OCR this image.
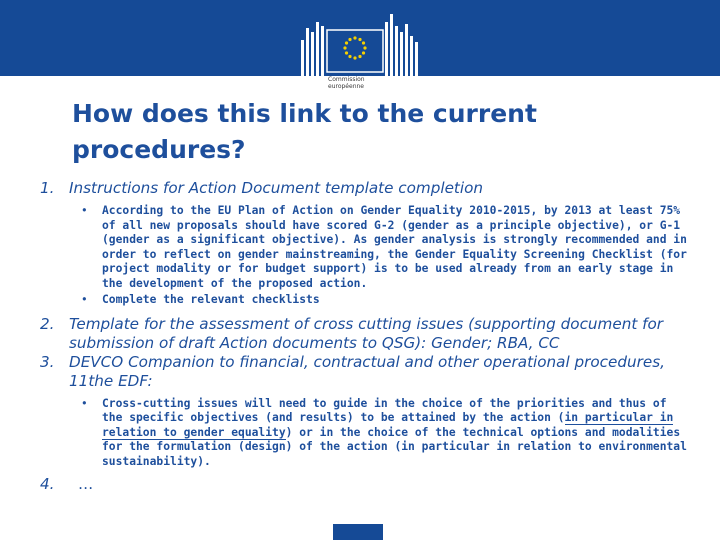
Commission
européenne
How does this link to the current
procedures?
1. Instructions for Action Document template completion
• According to the EU Plan of Action on Gender Equality 2010-2015, by 2013 at least 75% of all new proposals should have scored G-2 (gender as a principle objective), or G-1 (gender as a significant objective). As gender analysis is strongly recommended and in order to reflect on gender mainstreaming, the Gender Equality Screening Checklist (for project modality or for budget support) is to be used already from an early stage in the development of the proposed action.
• Complete the relevant checklists
2. Template for the assessment of cross cutting issues (supporting document for submission of draft Action documents to QSG): Gender; RBA, CC
3. DEVCO Companion to financial, contractual and other operational procedures, 11the EDF:
• Cross-cutting issues will need to guide in the choice of the priorities and thus of the specific objectives (and results) to be attained by the action (in particular in relation to gender equality) or in the choice of the technical options and modalities for the formulation (design) of the action (in particular in relation to environmental sustainability).
4. …
